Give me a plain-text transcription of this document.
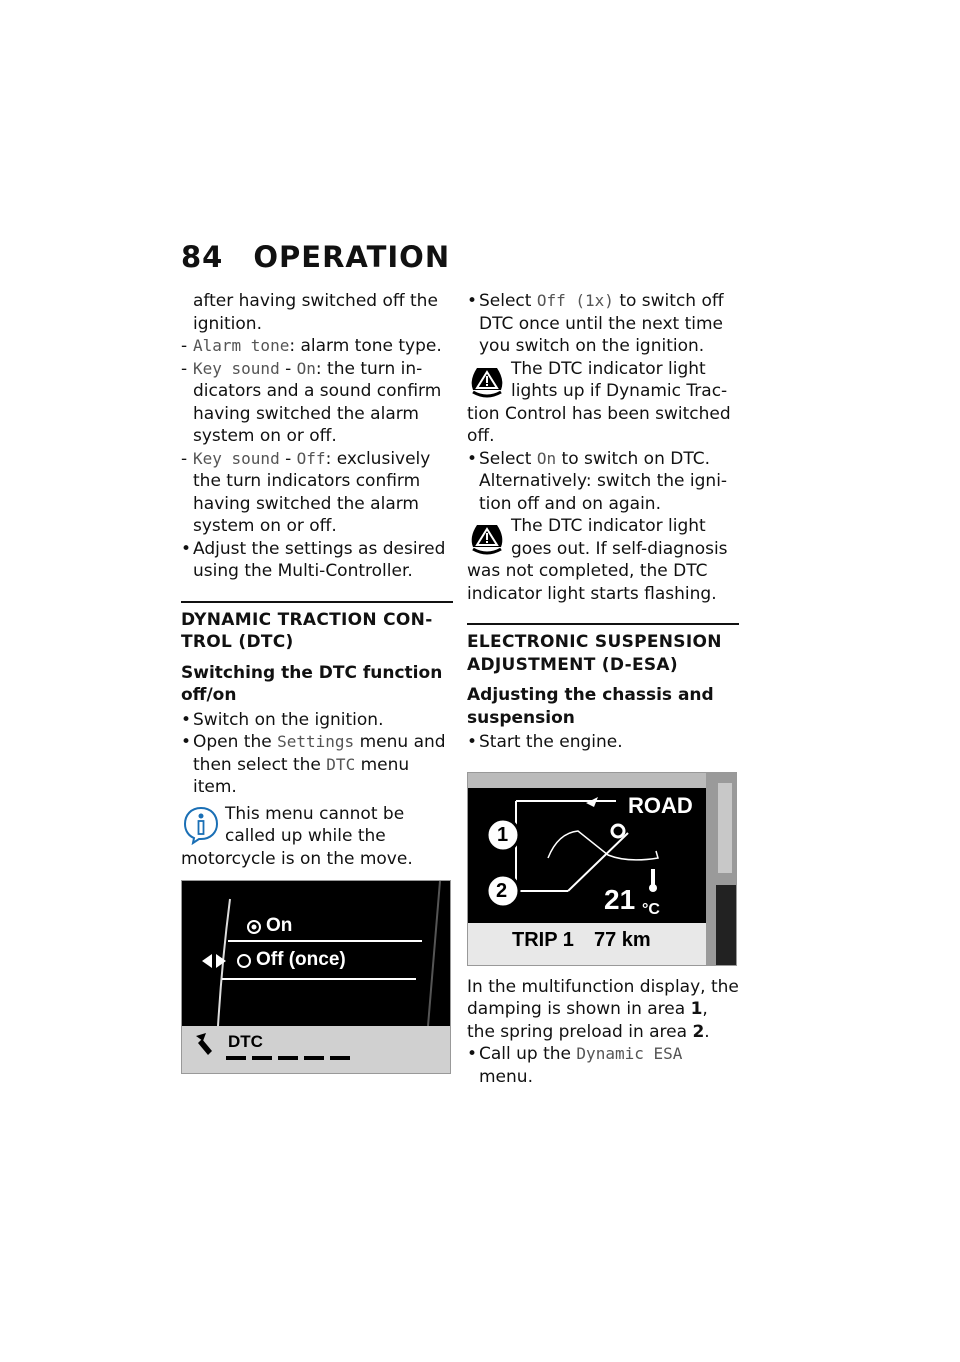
84 OPERATION
after having switched off the ignition.
- Alarm tone: alarm tone type.
- Key sound - On: the turn in- dicators and a sound confirm having switched the alarm system on or off.
- Key sound - Off: exclusively the turn indicators confirm having switched the alarm system on or off.
• Adjust the settings as desired using the Multi-Controller.
DYNAMIC TRACTION CON- TROL (DTC)
Switching the DTC function off/on
• Switch on the ignition.
• Open the Settings menu and then select the DTC menu item.
This menu cannot be called up while the motorcycle is on the move.
On
Off (once)
DTC
• Select Off (1x) to switch off DTC once until the next time you switch on the ignition.
The DTC indicator light lights up if Dynamic Trac- tion Control has been switched off.
• Select On to switch on DTC. Alternatively: switch the igni- tion off and on again.
The DTC indicator light goes out. If self-diagnosis was not completed, the DTC indicator light starts flashing.
ELECTRONIC SUSPENSION ADJUSTMENT (D-ESA)
Adjusting the chassis and suspension
• Start the engine.
ROAD
1
2	21 °C
TRIP 1 77 km
In the multifunction display, the damping is shown in area 1, the spring preload in area 2.
• Call up the Dynamic ESA menu.
